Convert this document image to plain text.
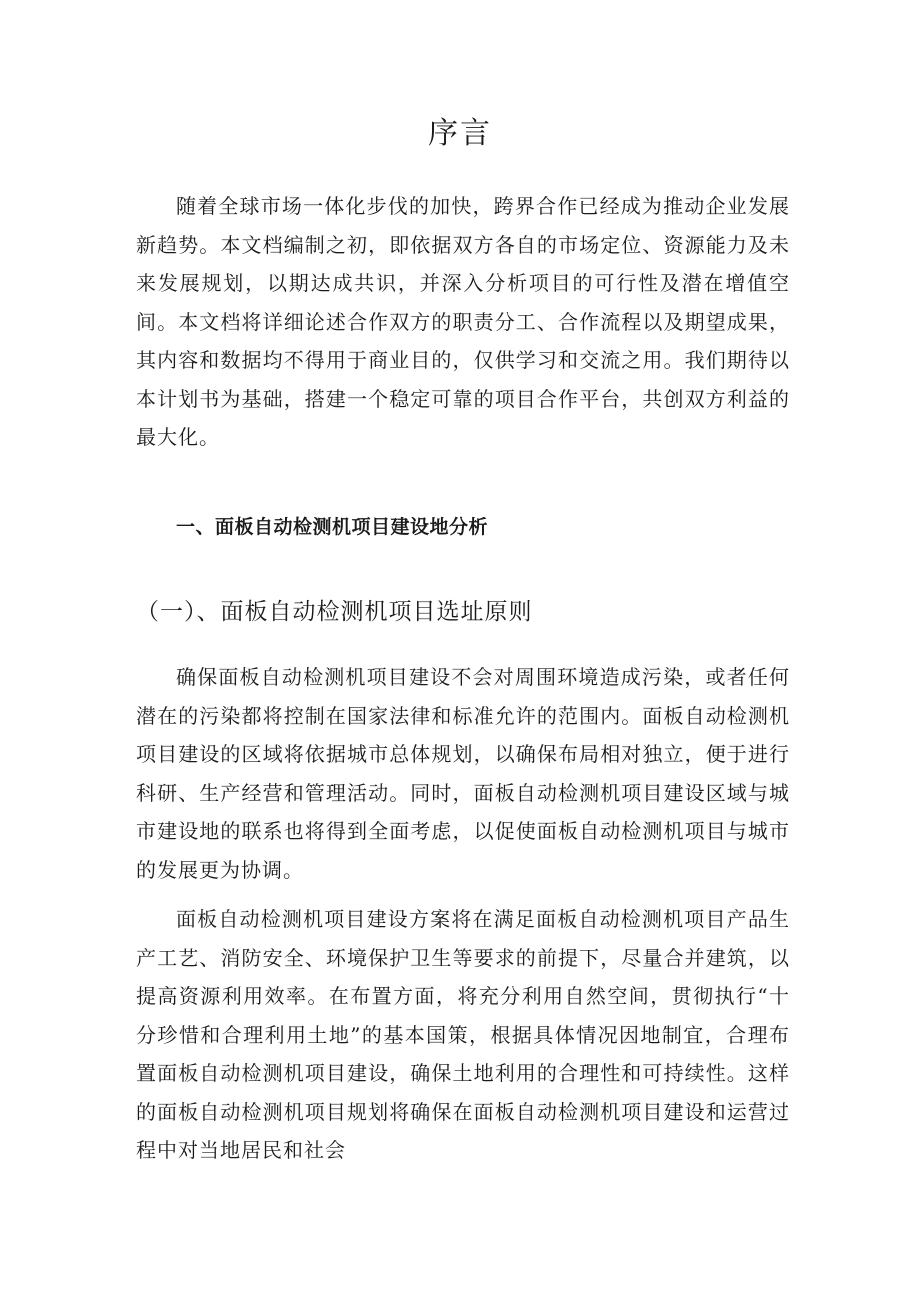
序言

随着全球市场一体化步伐的加快，跨界合作已经成为推动企业发展新趋势。本文档编制之初，即依据双方各自的市场定位、资源能力及未来发展规划，以期达成共识，并深入分析项目的可行性及潜在增值空间。本文档将详细论述合作双方的职责分工、合作流程以及期望成果，其内容和数据均不得用于商业目的，仅供学习和交流之用。我们期待以本计划书为基础，搭建一个稳定可靠的项目合作平台，共创双方利益的最大化。

一、面板自动检测机项目建设地分析
（一）、面板自动检测机项目选址原则

确保面板自动检测机项目建设不会对周围环境造成污染，或者任何潜在的污染都将控制在国家法律和标准允许的范围内。面板自动检测机项目建设的区域将依据城市总体规划，以确保布局相对独立，便于进行科研、生产经营和管理活动。同时，面板自动检测机项目建设区域与城市建设地的联系也将得到全面考虑，以促使面板自动检测机项目与城市的发展更为协调。

面板自动检测机项目建设方案将在满足面板自动检测机项目产品生产工艺、消防安全、环境保护卫生等要求的前提下，尽量合并建筑，以提高资源利用效率。在布置方面，将充分利用自然空间，贯彻执行“十分珍惜和合理利用土地”的基本国策，根据具体情况因地制宜，合理布置面板自动检测机项目建设，确保土地利用的合理性和可持续性。这样的面板自动检测机项目规划将确保在面板自动检测机项目建设和运营过程中对当地居民和社会
